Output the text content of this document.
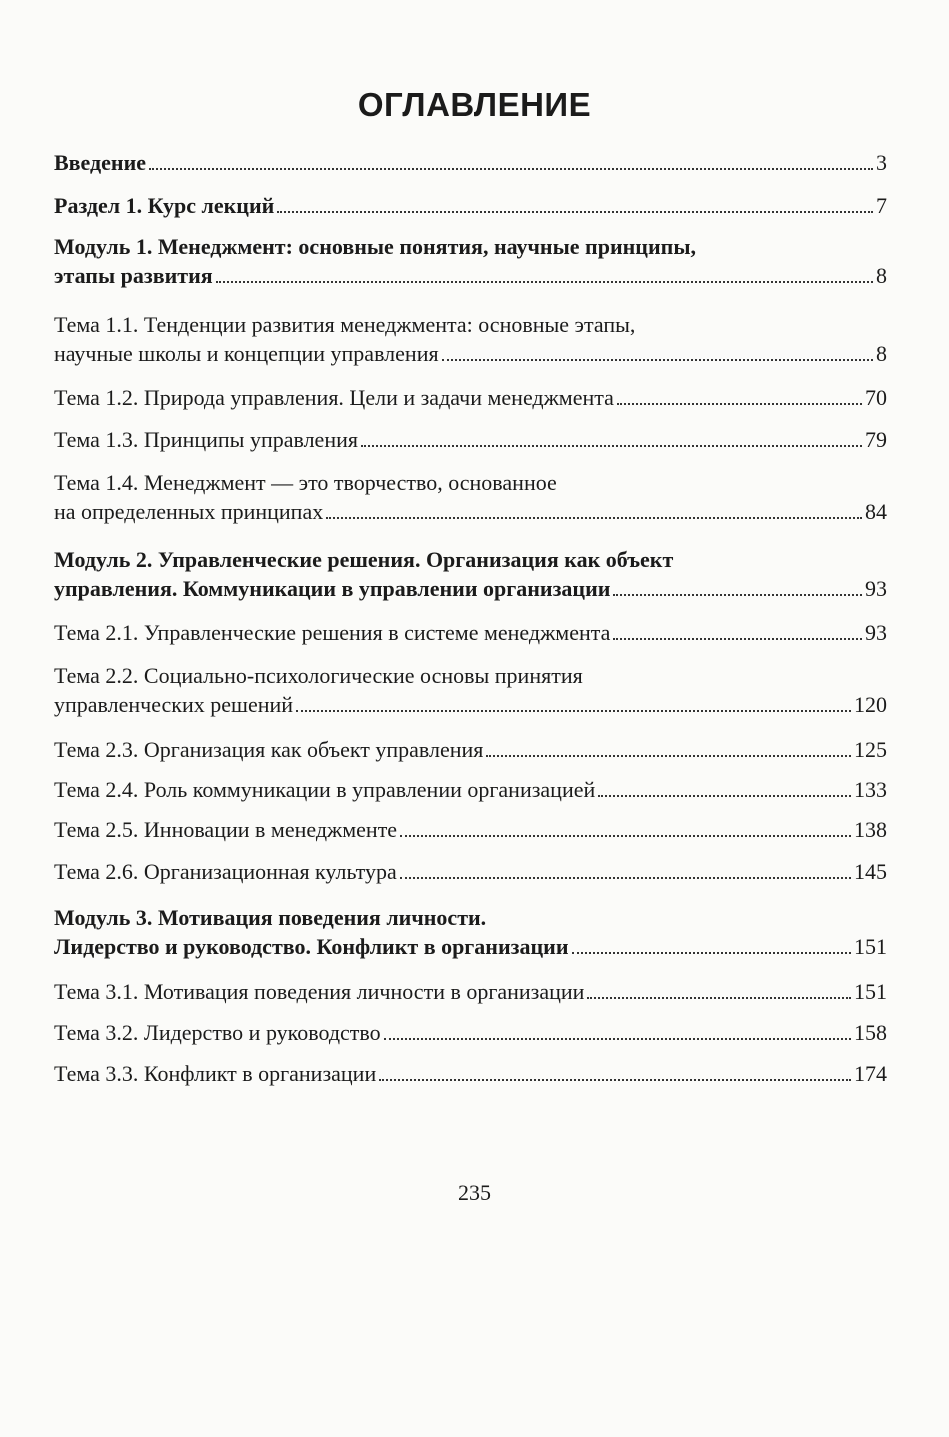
ОГЛАВЛЕНИЕ
Введение	3
Раздел 1. Курс лекций	7
Модуль 1. Менеджмент: основные понятия, научные принципы,
этапы развития	8
Тема 1.1. Тенденции развития менеджмента: основные этапы,
научные школы и концепции управления	8
Тема 1.2. Природа управления. Цели и задачи менеджмента	70
Тема 1.3. Принципы управления	79
Тема 1.4. Менеджмент — это творчество, основанное
на определенных принципах	84
Модуль 2. Управленческие решения. Организация как объект
управления. Коммуникации в управлении организации	93
Тема 2.1. Управленческие решения в системе менеджмента	93
Тема 2.2. Социально-психологические основы принятия
управленческих решений	120
Тема 2.3. Организация как объект управления	125
Тема 2.4. Роль коммуникации в управлении организацией	133
Тема 2.5. Инновации в менеджменте	138
Тема 2.6. Организационная культура	145
Модуль 3. Мотивация поведения личности.
Лидерство и руководство. Конфликт в организации	151
Тема 3.1. Мотивация поведения личности в организации	151
Тема 3.2. Лидерство и руководство	158
Тема 3.3. Конфликт в организации	174
235
